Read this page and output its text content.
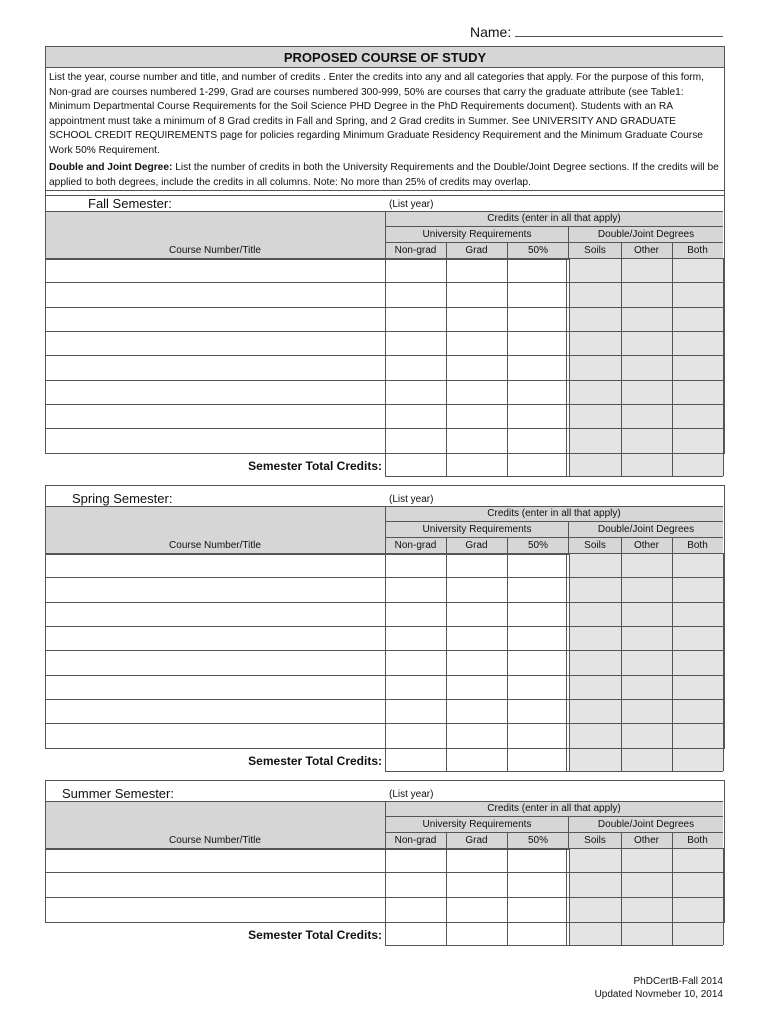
Name:
PROPOSED COURSE OF STUDY

List the year, course number and title, and number of credits . Enter the credits into any and all categories that apply. For the purpose of this form, Non-grad are courses numbered 1-299, Grad are courses numbered 300-999, 50% are courses that carry the graduate attribute (see Table1: Minimum Departmental Course Requirements for the Soil Science PHD Degree in the PhD Requirements document). Students with an RA appointment must take a minimum of 8 Grad credits in Fall and Spring, and 2 Grad credits in Summer. See UNIVERSITY AND GRADUATE SCHOOL CREDIT REQUIREMENTS page for policies regarding Minimum Graduate Residency Requirement and the Minimum Graduate Course Work 50% Requirement.

Double and Joint Degree: List the number of credits in both the University Requirements and the Double/Joint Degree sections. If the credits will be applied to both degrees, include the credits in all columns. Note: No more than 25% of credits may overlap.

Fall Semester:	(List year)
Credits (enter in all that apply)
University Requirements	Double/Joint Degrees
Course Number/Title	Non-grad	Grad	50%	Soils	Other	Both
Semester Total Credits:
Spring Semester:	(List year)
Credits (enter in all that apply)
University Requirements	Double/Joint Degrees
Course Number/Title	Non-grad	Grad	50%	Soils	Other	Both
Semester Total Credits:
Summer Semester:	(List year)
Credits (enter in all that apply)
University Requirements	Double/Joint Degrees
Course Number/Title	Non-grad	Grad	50%	Soils	Other	Both
Semester Total Credits:
PhDCertB-Fall 2014
Updated Novmeber 10, 2014
